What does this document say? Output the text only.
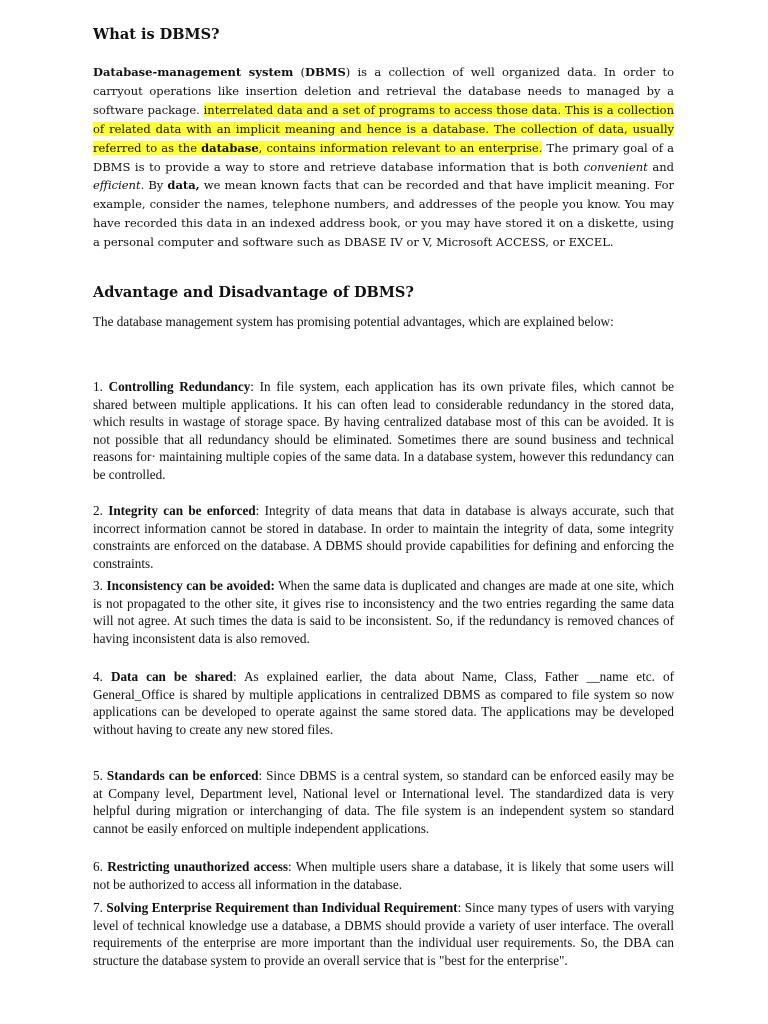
What is DBMS?

Database-management system (DBMS) is a collection of well organized data. In order to carryout operations like insertion deletion and retrieval the database needs to managed by a software package. interrelated data and a set of programs to access those data. This is a collection of related data with an implicit meaning and hence is a database. The collection of data, usually referred to as the database, contains information relevant to an enterprise. The primary goal of a DBMS is to provide a way to store and retrieve database information that is both convenient and efficient. By data, we mean known facts that can be recorded and that have implicit meaning. For example, consider the names, telephone numbers, and addresses of the people you know. You may have recorded this data in an indexed address book, or you may have stored it on a diskette, using a personal computer and software such as DBASE IV or V, Microsoft ACCESS, or EXCEL.

Advantage and Disadvantage of DBMS?

The database management system has promising potential advantages, which are explained below:

1. Controlling Redundancy: In file system, each application has its own private files, which cannot be shared between multiple applications. It his can often lead to considerable redundancy in the stored data, which results in wastage of storage space. By having centralized database most of this can be avoided. It is not possible that all redundancy should be eliminated. Sometimes there are sound business and technical reasons for· maintaining multiple copies of the same data. In a database system, however this redundancy can be controlled.

2. Integrity can be enforced: Integrity of data means that data in database is always accurate, such that incorrect information cannot be stored in database. In order to maintain the integrity of data, some integrity constraints are enforced on the database. A DBMS should provide capabilities for defining and enforcing the constraints.

3. Inconsistency can be avoided: When the same data is duplicated and changes are made at one site, which is not propagated to the other site, it gives rise to inconsistency and the two entries regarding the same data will not agree. At such times the data is said to be inconsistent. So, if the redundancy is removed chances of having inconsistent data is also removed.

4. Data can be shared: As explained earlier, the data about Name, Class, Father __name etc. of General_Office is shared by multiple applications in centralized DBMS as compared to file system so now applications can be developed to operate against the same stored data. The applications may be developed without having to create any new stored files.

5. Standards can be enforced: Since DBMS is a central system, so standard can be enforced easily may be at Company level, Department level, National level or International level. The standardized data is very helpful during migration or interchanging of data. The file system is an independent system so standard cannot be easily enforced on multiple independent applications.

6. Restricting unauthorized access: When multiple users share a database, it is likely that some users will not be authorized to access all information in the database.

7. Solving Enterprise Requirement than Individual Requirement: Since many types of users with varying level of technical knowledge use a database, a DBMS should provide a variety of user interface. The overall requirements of the enterprise are more important than the individual user requirements. So, the DBA can structure the database system to provide an overall service that is "best for the enterprise".
